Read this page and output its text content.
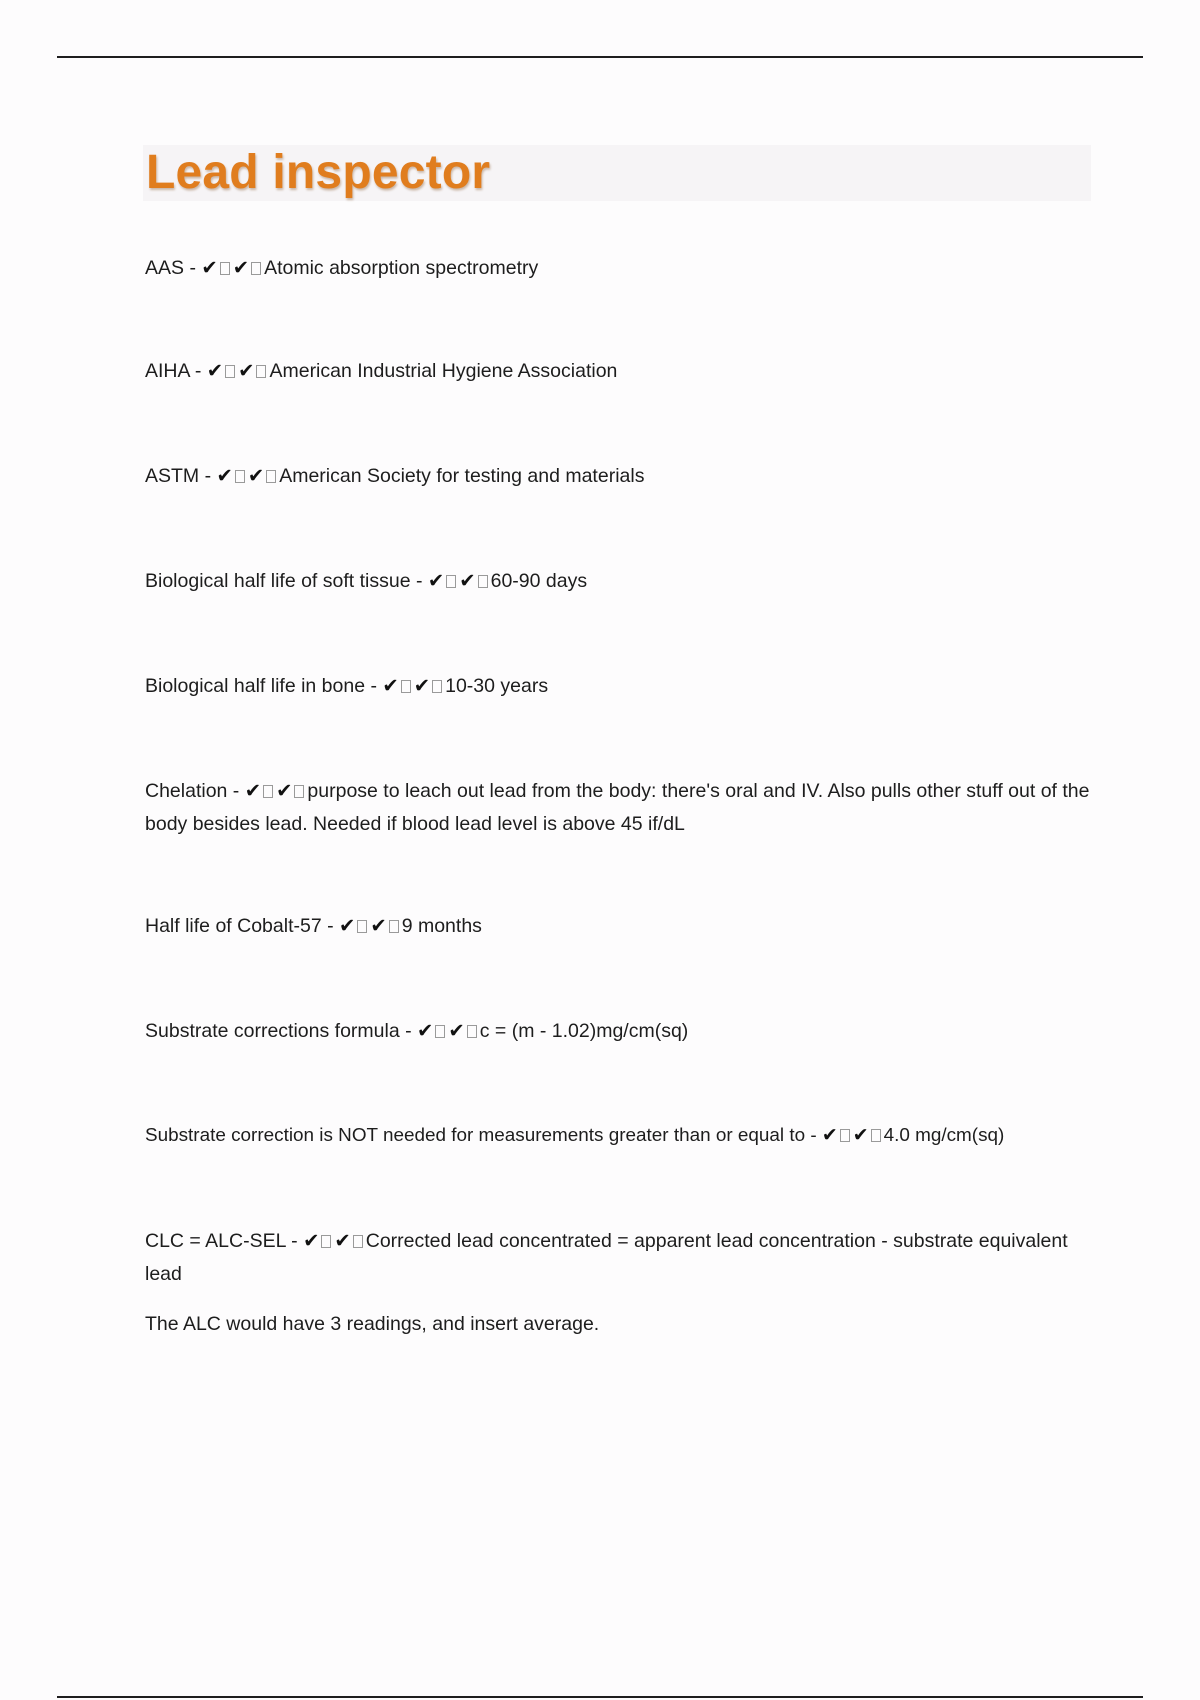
Lead inspector
AAS - ✔ ✔ Atomic absorption spectrometry
AIHA - ✔ ✔ American Industrial Hygiene Association
ASTM - ✔ ✔ American Society for testing and materials
Biological half life of soft tissue - ✔ ✔ 60-90 days
Biological half life in bone - ✔ ✔ 10-30 years
Chelation - ✔ ✔ purpose to leach out lead from the body: there's oral and IV. Also pulls other stuff out of the body besides lead. Needed if blood lead level is above 45 if/dL
Half life of Cobalt-57 - ✔ ✔ 9 months
Substrate corrections formula - ✔ ✔ c = (m - 1.02)mg/cm(sq)
Substrate correction is NOT needed for measurements greater than or equal to - ✔ ✔ 4.0 mg/cm(sq)
CLC = ALC-SEL - ✔ ✔ Corrected lead concentrated = apparent lead concentration - substrate equivalent lead
The ALC would have 3 readings, and insert average.
